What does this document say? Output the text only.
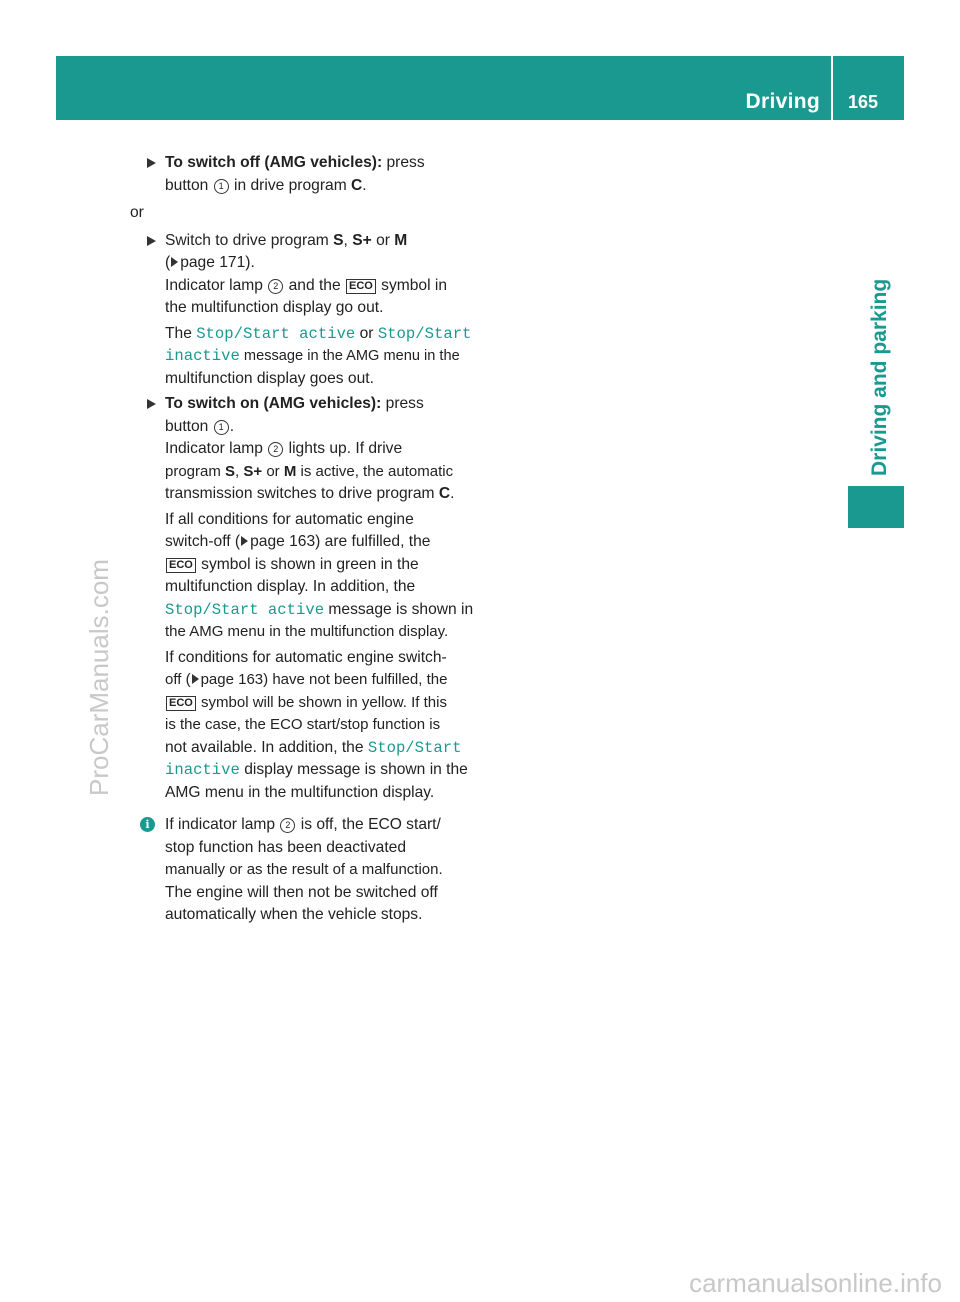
Driving 165
Driving and parking
ProCarManuals.com
carmanualsonline.info

To switch off (AMG vehicles): press

button 1 in drive program C.

or

Switch to drive program S, S+ or M

( page 171).

Indicator lamp 2 and the ECO symbol in

the multifunction display go out.

The Stop/Start active or Stop/Start

inactive message in the AMG menu in the

multifunction display goes out.

To switch on (AMG vehicles): press

button 1 .

Indicator lamp 2 lights up. If drive

program S, S+ or M is active, the automatic

transmission switches to drive program C.

If all conditions for automatic engine

switch-off ( page 163) are fulfilled, the

ECO symbol is shown in green in the

multifunction display. In addition, the

Stop/Start active message is shown in

the AMG menu in the multifunction display.

If conditions for automatic engine switch-

off ( page 163) have not been fulfilled, the

ECO symbol will be shown in yellow. If this

is the case, the ECO start/stop function is

not available. In addition, the Stop/Start

inactive display message is shown in the

AMG menu in the multifunction display.

i If indicator lamp 2 is off, the ECO start/

stop function has been deactivated

manually or as the result of a malfunction.

The engine will then not be switched off

automatically when the vehicle stops.
